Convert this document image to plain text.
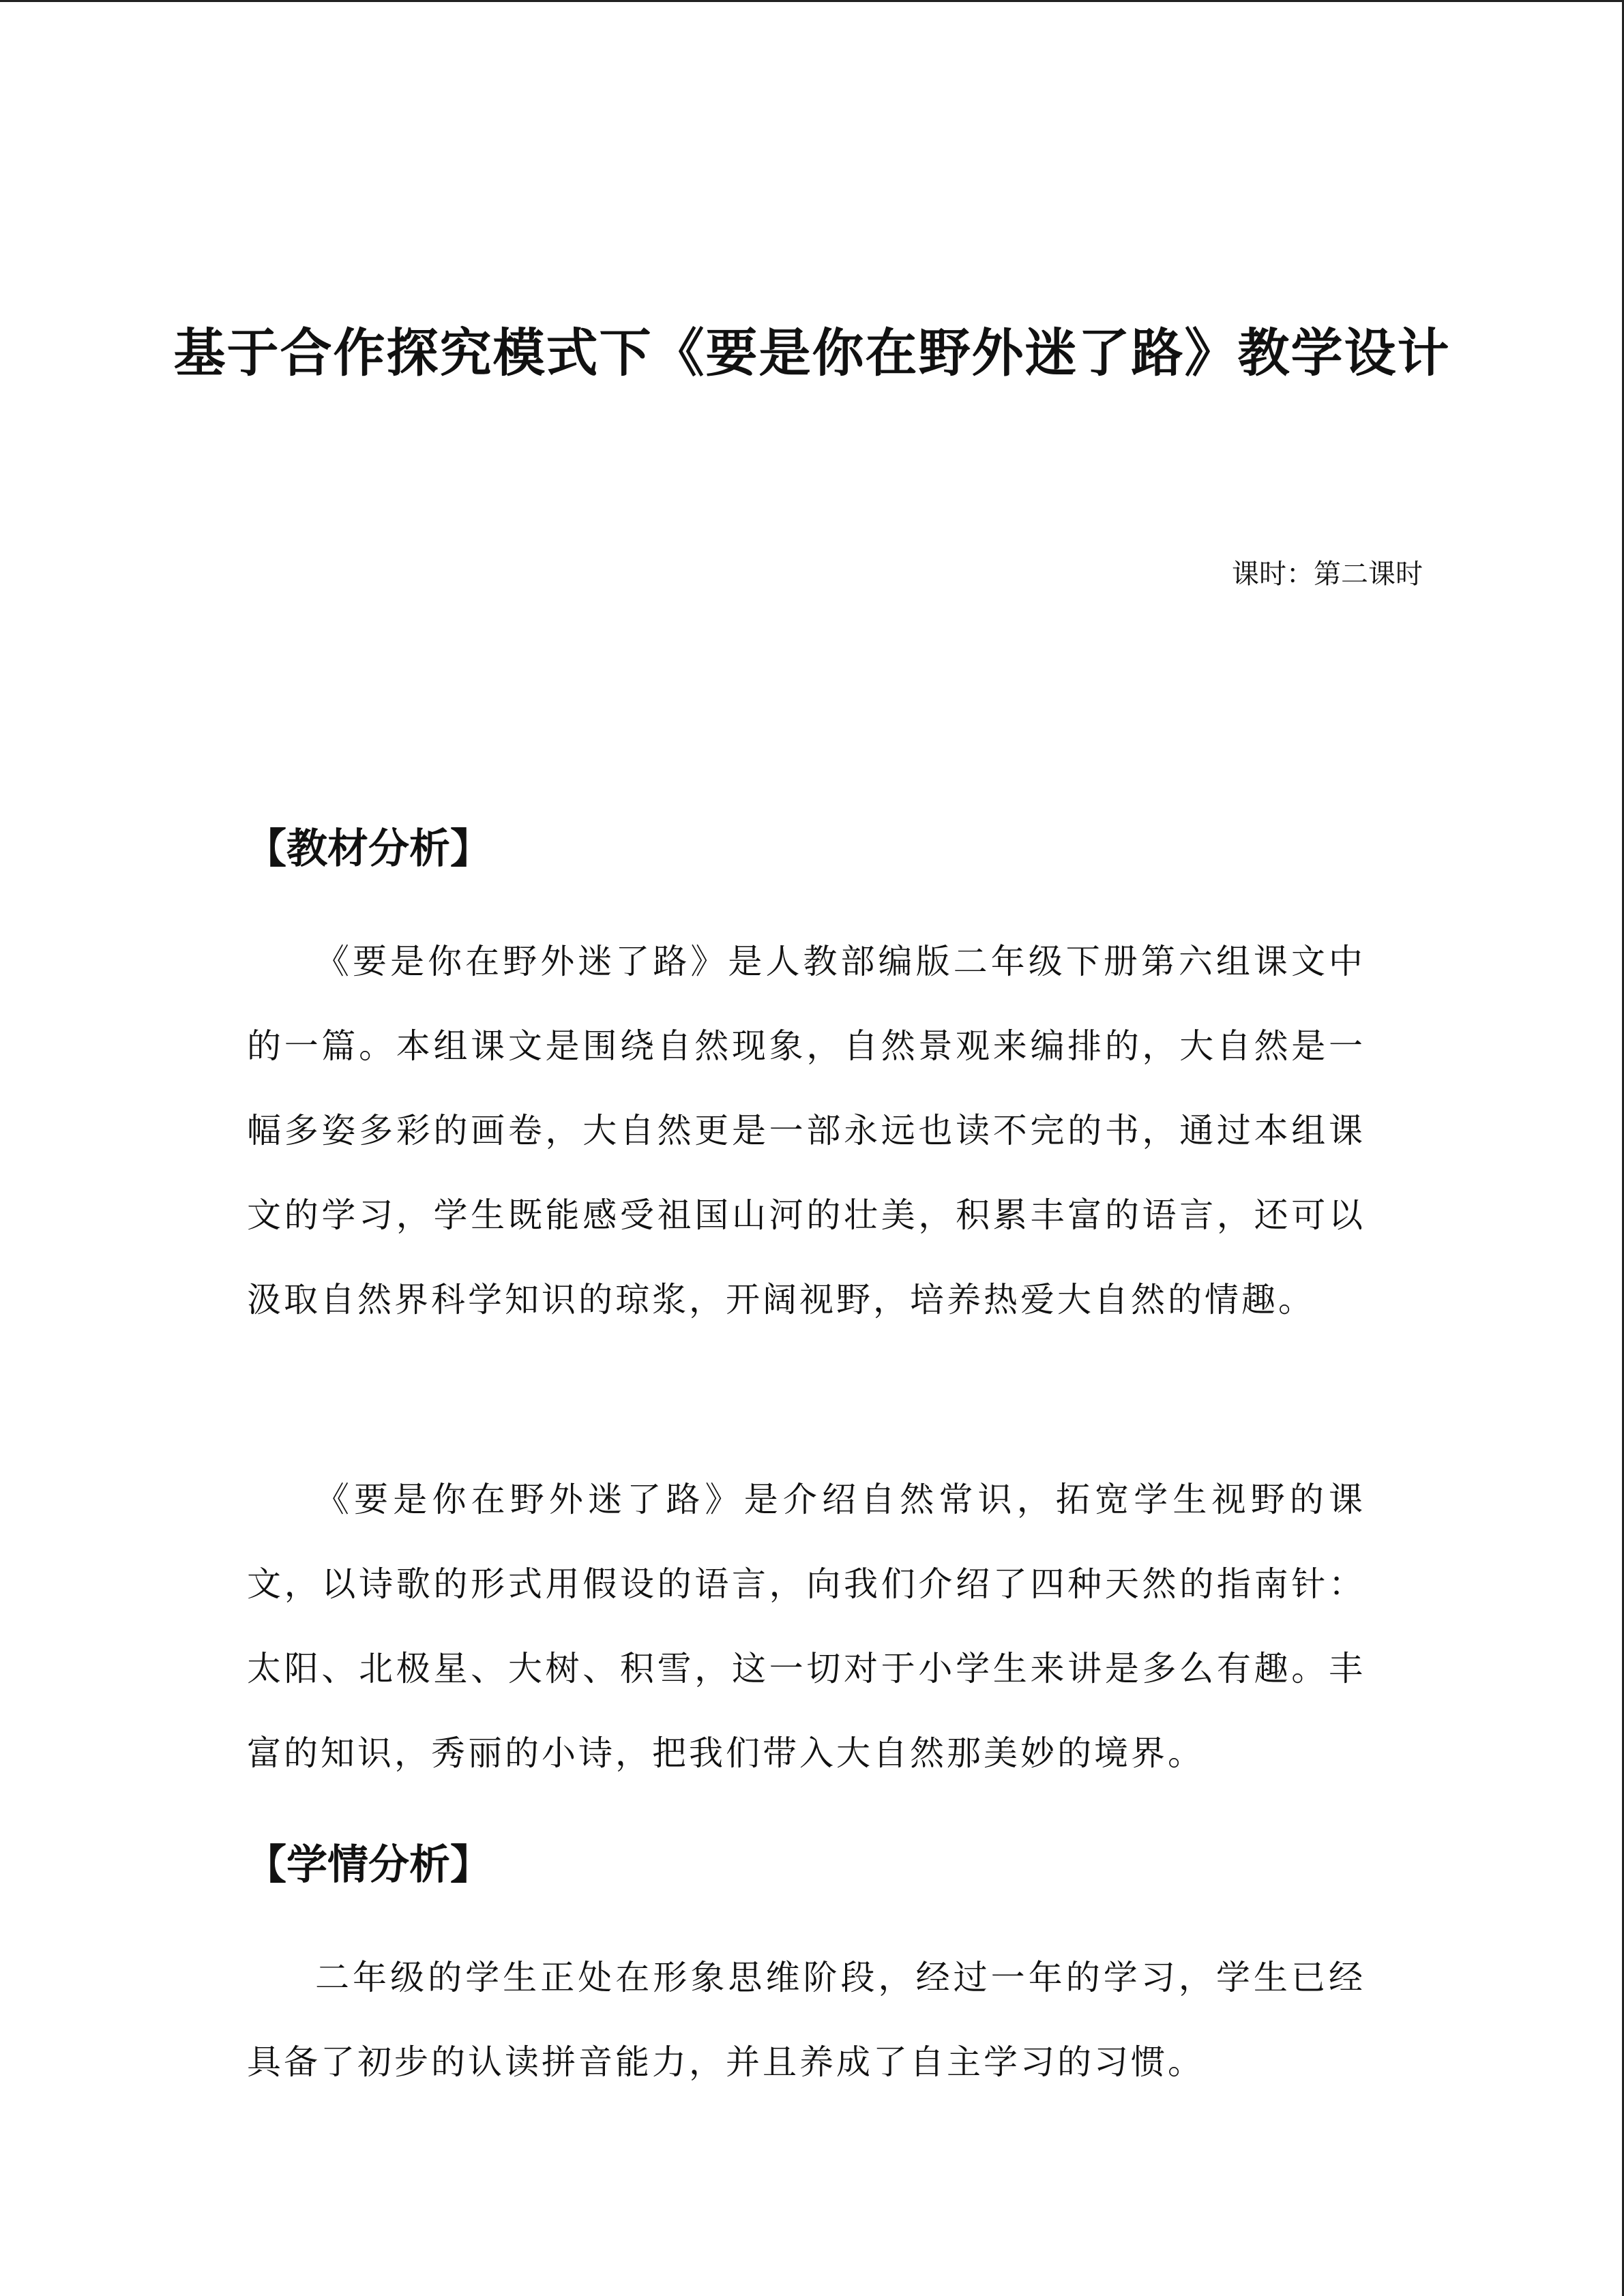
基于合作探究模式下《要是你在野外迷了路》教学设计
课时：第二课时
【教材分析】

《要是你在野外迷了路》是人教部编版二年级下册第六组课文中的一篇。本组课文是围绕自然现象，自然景观来编排的，大自然是一幅多姿多彩的画卷，大自然更是一部永远也读不完的书，通过本组课文的学习，学生既能感受祖国山河的壮美，积累丰富的语言，还可以汲取自然界科学知识的琼浆，开阔视野，培养热爱大自然的情趣。

《要是你在野外迷了路》是介绍自然常识，拓宽学生视野的课文，以诗歌的形式用假设的语言，向我们介绍了四种天然的指南针：太阳、北极星、大树、积雪，这一切对于小学生来讲是多么有趣。丰富的知识，秀丽的小诗，把我们带入大自然那美妙的境界。

【学情分析】

二年级的学生正处在形象思维阶段，经过一年的学习，学生已经具备了初步的认读拼音能力，并且养成了自主学习的习惯。
